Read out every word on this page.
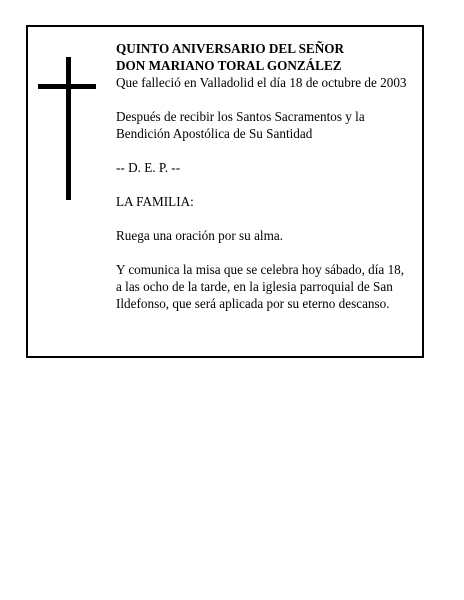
QUINTO ANIVERSARIO DEL SEÑOR

DON MARIANO TORAL GONZÁLEZ

Que falleció en Valladolid el día 18 de octubre de 2003

Después de recibir los Santos Sacramentos y la

Bendición Apostólica de Su Santidad

-- D. E. P. --

LA FAMILIA:

Ruega una oración por su alma.

Y comunica la misa que se celebra hoy sábado, día 18,

a las ocho de la tarde, en la iglesia parroquial de San

Ildefonso, que será aplicada por su eterno descanso.
